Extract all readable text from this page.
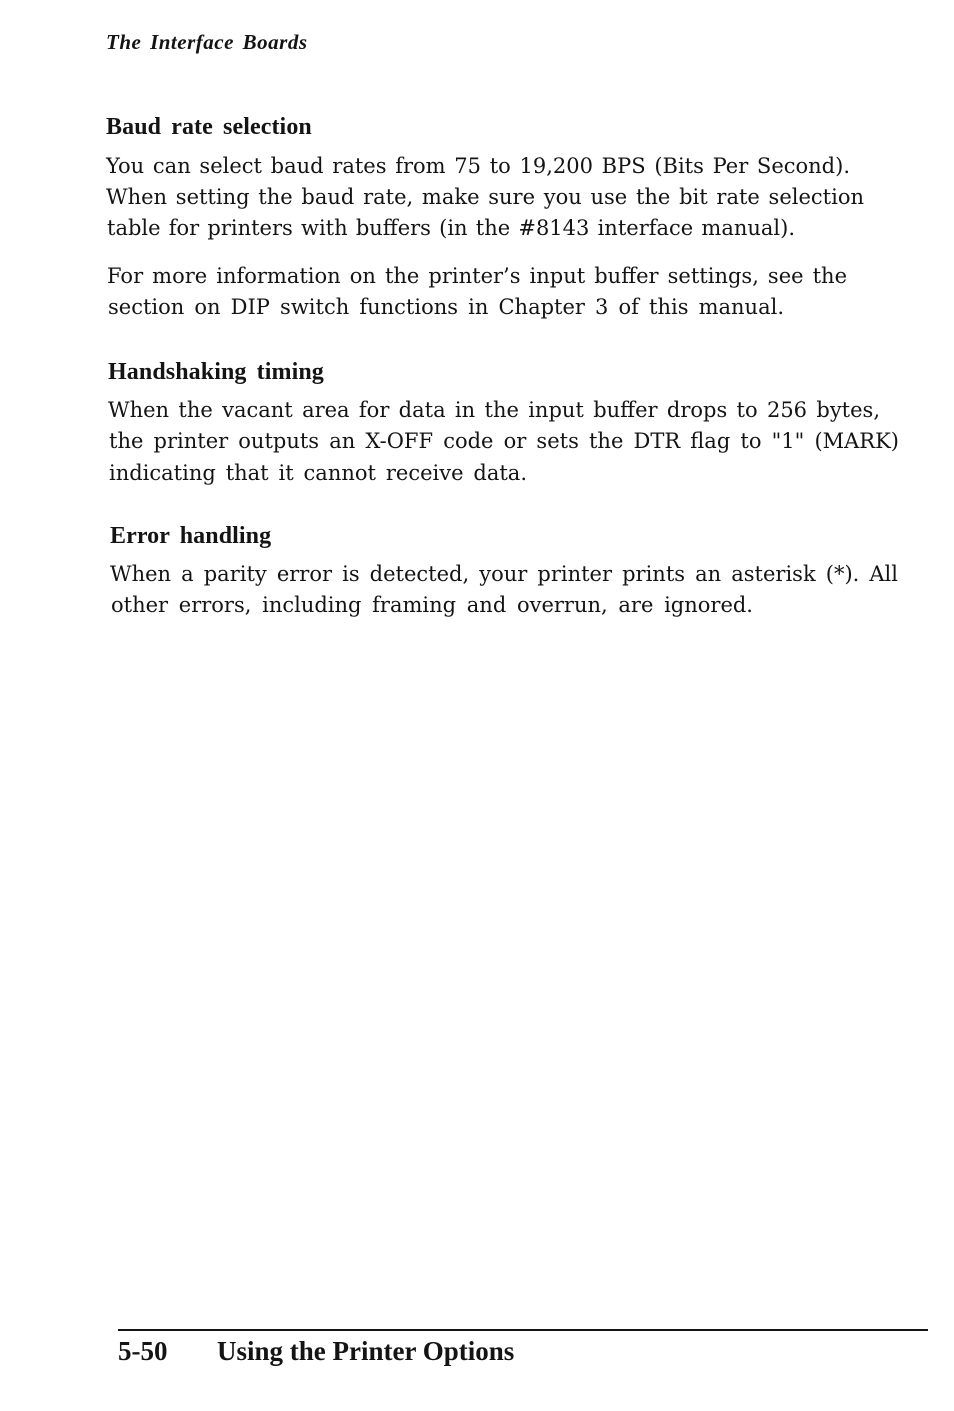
The Interface Boards
Baud rate selection

You can select baud rates from 75 to 19,200 BPS (Bits Per Second).

When setting the baud rate, make sure you use the bit rate selection

table for printers with buffers (in the #8143 interface manual).

For more information on the printer’s input buffer settings, see the

section on DIP switch functions in Chapter 3 of this manual.

Handshaking timing

When the vacant area for data in the input buffer drops to 256 bytes,

the printer outputs an X-OFF code or sets the DTR flag to "1" (MARK)

indicating that it cannot receive data.

Error handling

When a parity error is detected, your printer prints an asterisk (*). All

other errors, including framing and overrun, are ignored.

5-50 Using the Printer Options
